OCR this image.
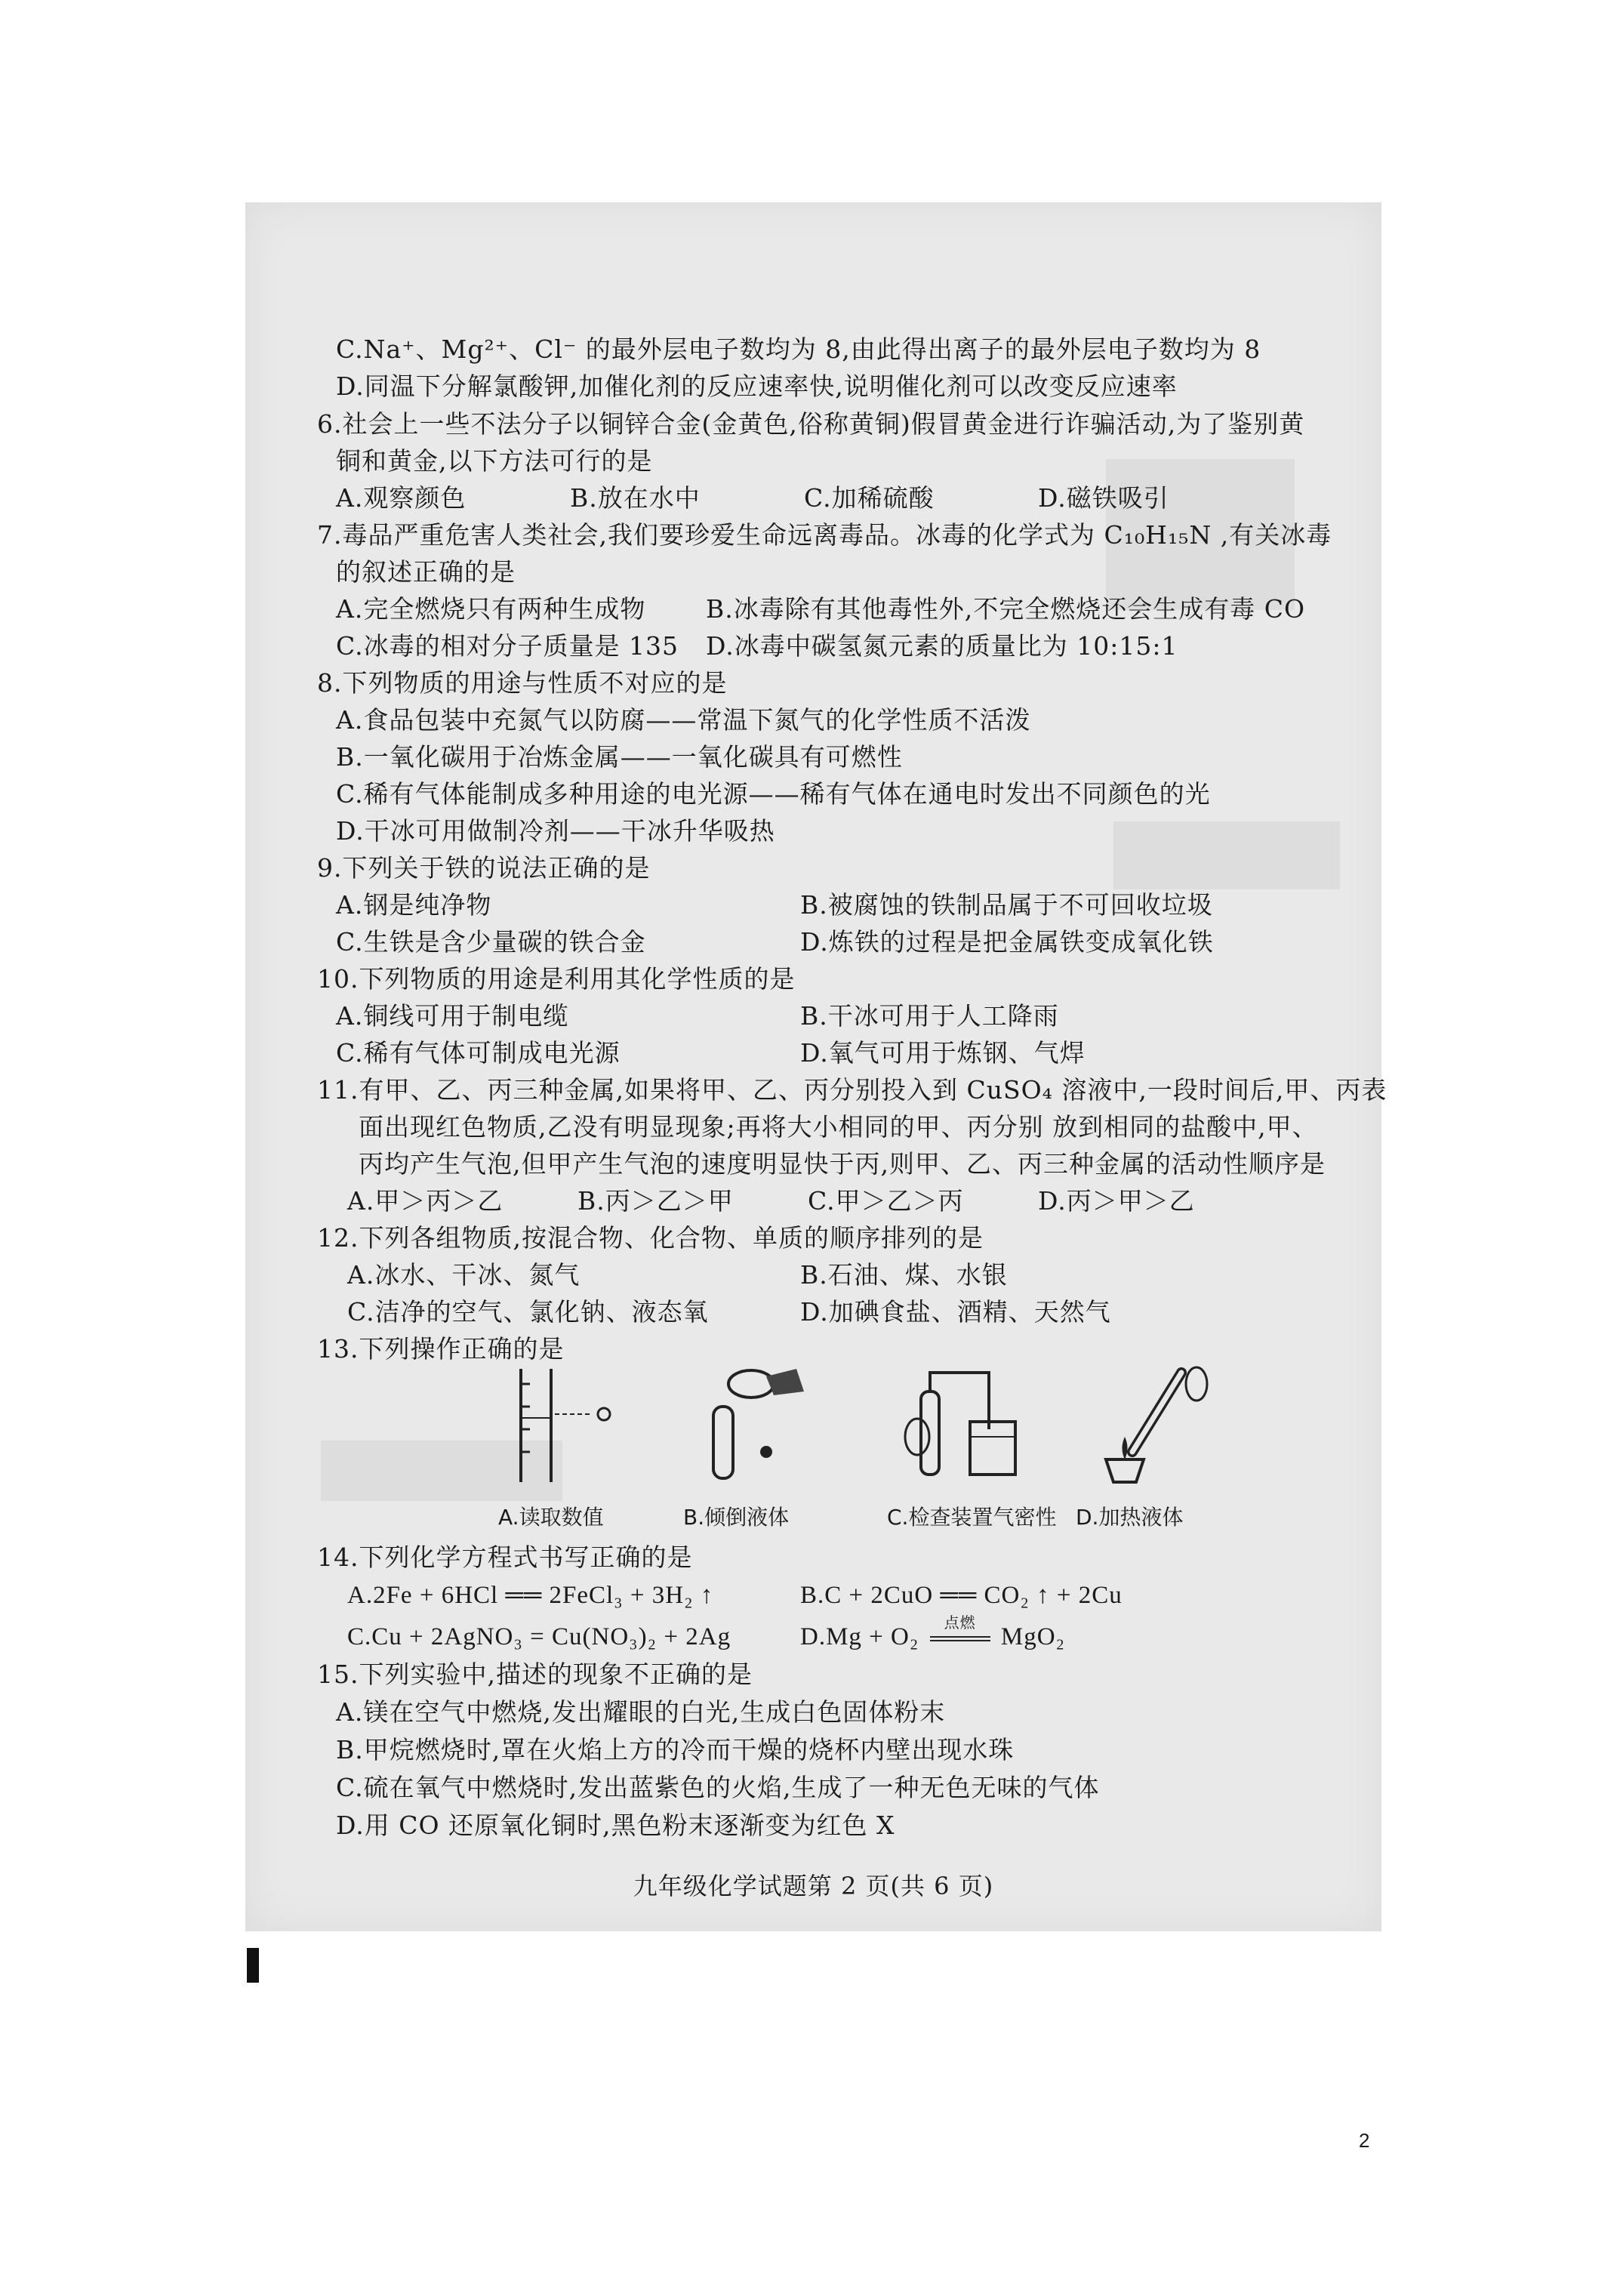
C.Na⁺、Mg²⁺、Cl⁻ 的最外层电子数均为 8,由此得出离子的最外层电子数均为 8
D.同温下分解氯酸钾,加催化剂的反应速率快,说明催化剂可以改变反应速率
6.社会上一些不法分子以铜锌合金(金黄色,俗称黄铜)假冒黄金进行诈骗活动,为了鉴别黄
铜和黄金,以下方法可行的是
A.观察颜色	B.放在水中	C.加稀硫酸	D.磁铁吸引
7.毒品严重危害人类社会,我们要珍爱生命远离毒品。冰毒的化学式为 C₁₀H₁₅N ,有关冰毒
的叙述正确的是
A.完全燃烧只有两种生成物 B.冰毒除有其他毒性外,不完全燃烧还会生成有毒 CO
C.冰毒的相对分子质量是 135 D.冰毒中碳氢氮元素的质量比为 10:15:1
8.下列物质的用途与性质不对应的是
A.食品包装中充氮气以防腐——常温下氮气的化学性质不活泼
B.一氧化碳用于冶炼金属——一氧化碳具有可燃性
C.稀有气体能制成多种用途的电光源——稀有气体在通电时发出不同颜色的光
D.干冰可用做制冷剂——干冰升华吸热
9.下列关于铁的说法正确的是
A.钢是纯净物	B.被腐蚀的铁制品属于不可回收垃圾
C.生铁是含少量碳的铁合金	D.炼铁的过程是把金属铁变成氧化铁
10.下列物质的用途是利用其化学性质的是
A.铜线可用于制电缆	B.干冰可用于人工降雨
C.稀有气体可制成电光源	D.氧气可用于炼钢、气焊
11.有甲、乙、丙三种金属,如果将甲、乙、丙分别投入到 CuSO₄ 溶液中,一段时间后,甲、丙表
面出现红色物质,乙没有明显现象;再将大小相同的甲、丙分别 放到相同的盐酸中,甲、
丙均产生气泡,但甲产生气泡的速度明显快于丙,则甲、乙、丙三种金属的活动性顺序是
A.甲＞丙＞乙	B.丙＞乙＞甲	C.甲＞乙＞丙	D.丙＞甲＞乙
12.下列各组物质,按混合物、化合物、单质的顺序排列的是
A.冰水、干冰、氮气	B.石油、煤、水银
C.洁净的空气、氯化钠、液态氧	D.加碘食盐、酒精、天然气
13.下列操作正确的是
A.读取数值	B.倾倒液体	C.检查装置气密性 D.加热液体
14.下列化学方程式书写正确的是
A.2Fe + 6HCl ══ 2FeCl₃ + 3H₂ ↑	B.C + 2CuO ══ CO₂ ↑ + 2Cu
C.Cu + 2AgNO₃ = Cu(NO₃)₂ + 2Ag	D.Mg + O₂	点燃	MgO₂
15.下列实验中,描述的现象不正确的是
A.镁在空气中燃烧,发出耀眼的白光,生成白色固体粉末
B.甲烷燃烧时,罩在火焰上方的冷而干燥的烧杯内壁出现水珠
C.硫在氧气中燃烧时,发出蓝紫色的火焰,生成了一种无色无味的气体
D.用 CO 还原氧化铜时,黑色粉末逐渐变为红色 X
九年级化学试题第 2 页(共 6 页)
2
